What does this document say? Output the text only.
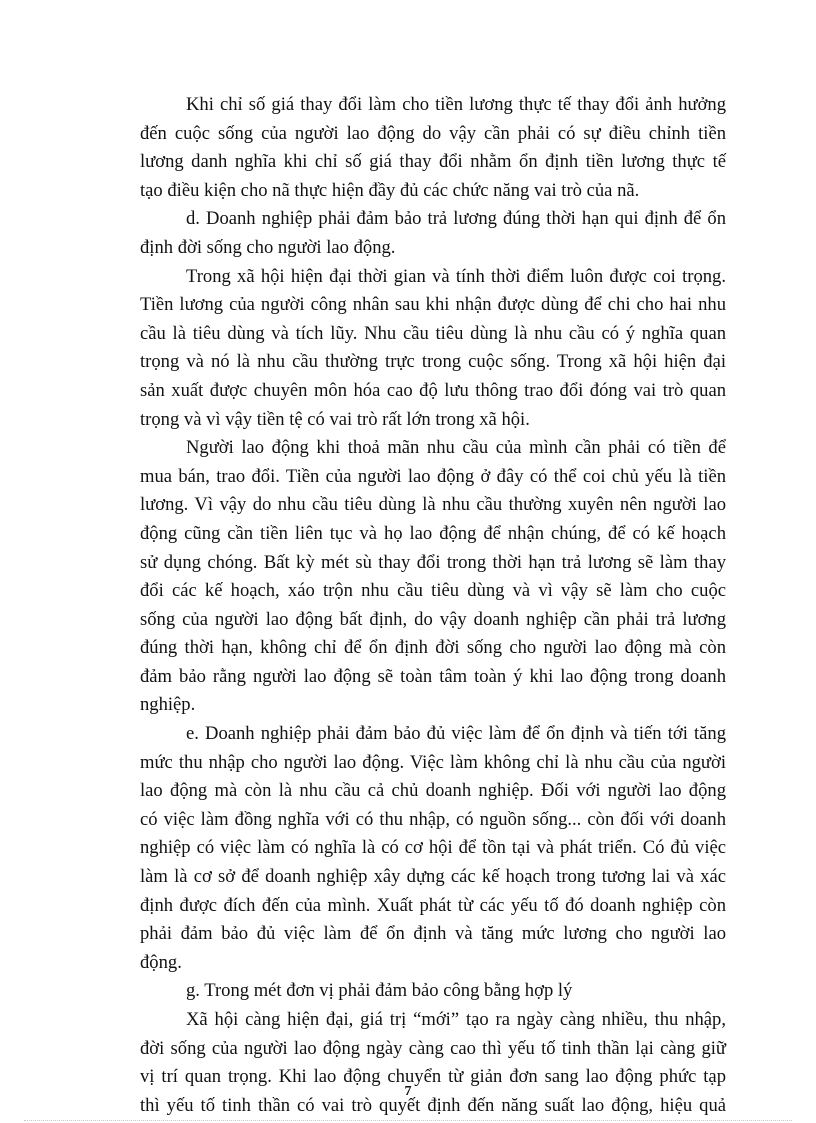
Khi chỉ số giá thay đổi làm cho tiền lương thực tế thay đổi ảnh hưởng
đến cuộc sống của người lao động do vậy cần phải có sự điều chỉnh tiền
lương danh nghĩa khi chỉ số giá thay đổi nhằm ổn định tiền lương thực tế
tạo điều kiện cho nã thực hiện đầy đủ các chức năng vai trò của nã.
d. Doanh nghiệp phải đảm bảo trả lương đúng thời hạn qui định để ổn
định đời sống cho người lao động.
Trong xã hội hiện đại thời gian và tính thời điểm luôn được coi trọng.
Tiền lương của người công nhân sau khi nhận được dùng để chi cho hai nhu
cầu là tiêu dùng và tích lũy. Nhu cầu tiêu dùng là nhu cầu có ý nghĩa quan
trọng và nó là nhu cầu thường trực trong cuộc sống. Trong xã hội hiện đại
sản xuất được chuyên môn hóa cao độ lưu thông trao đổi đóng vai trò quan
trọng và vì vậy tiền tệ có vai trò rất lớn trong xã hội.
Người lao động khi thoả mãn nhu cầu của mình cần phải có tiền để
mua bán, trao đổi. Tiền của người lao động ở đây có thể coi chủ yếu là tiền
lương. Vì vậy do nhu cầu tiêu dùng là nhu cầu thường xuyên nên người lao
động cũng cần tiền liên tục và họ lao động để nhận chúng, để có kế hoạch
sử dụng chóng. Bất kỳ mét sù thay đổi trong thời hạn trả lương sẽ làm thay
đổi các kế hoạch, xáo trộn nhu cầu tiêu dùng và vì vậy sẽ làm cho cuộc
sống của người lao động bất định, do vậy doanh nghiệp cần phải trả lương
đúng thời hạn, không chỉ để ổn định đời sống cho người lao động mà còn
đảm bảo rằng người lao động sẽ toàn tâm toàn ý khi lao động trong doanh
nghiệp.
e. Doanh nghiệp phải đảm bảo đủ việc làm để ổn định và tiến tới tăng
mức thu nhập cho người lao động. Việc làm không chỉ là nhu cầu của người
lao động mà còn là nhu cầu cả chủ doanh nghiệp. Đối với người lao động
có việc làm đồng nghĩa với có thu nhập, có nguồn sống... còn đối với doanh
nghiệp có việc làm có nghĩa là có cơ hội để tồn tại và phát triển. Có đủ việc
làm là cơ sở để doanh nghiệp xây dựng các kế hoạch trong tương lai và xác
định được đích đến của mình. Xuất phát từ các yếu tố đó doanh nghiệp còn
phải đảm bảo đủ việc làm để ổn định và tăng mức lương cho người lao
động.
g. Trong mét đơn vị phải đảm bảo công bằng hợp lý
Xã hội càng hiện đại, giá trị “mới” tạo ra ngày càng nhiều, thu nhập,
đời sống của người lao động ngày càng cao thì yếu tố tinh thần lại càng giữ
vị trí quan trọng. Khi lao động chuyển từ giản đơn sang lao động phức tạp
thì yếu tố tinh thần có vai trò quyết định đến năng suất lao động, hiệu quả
7
